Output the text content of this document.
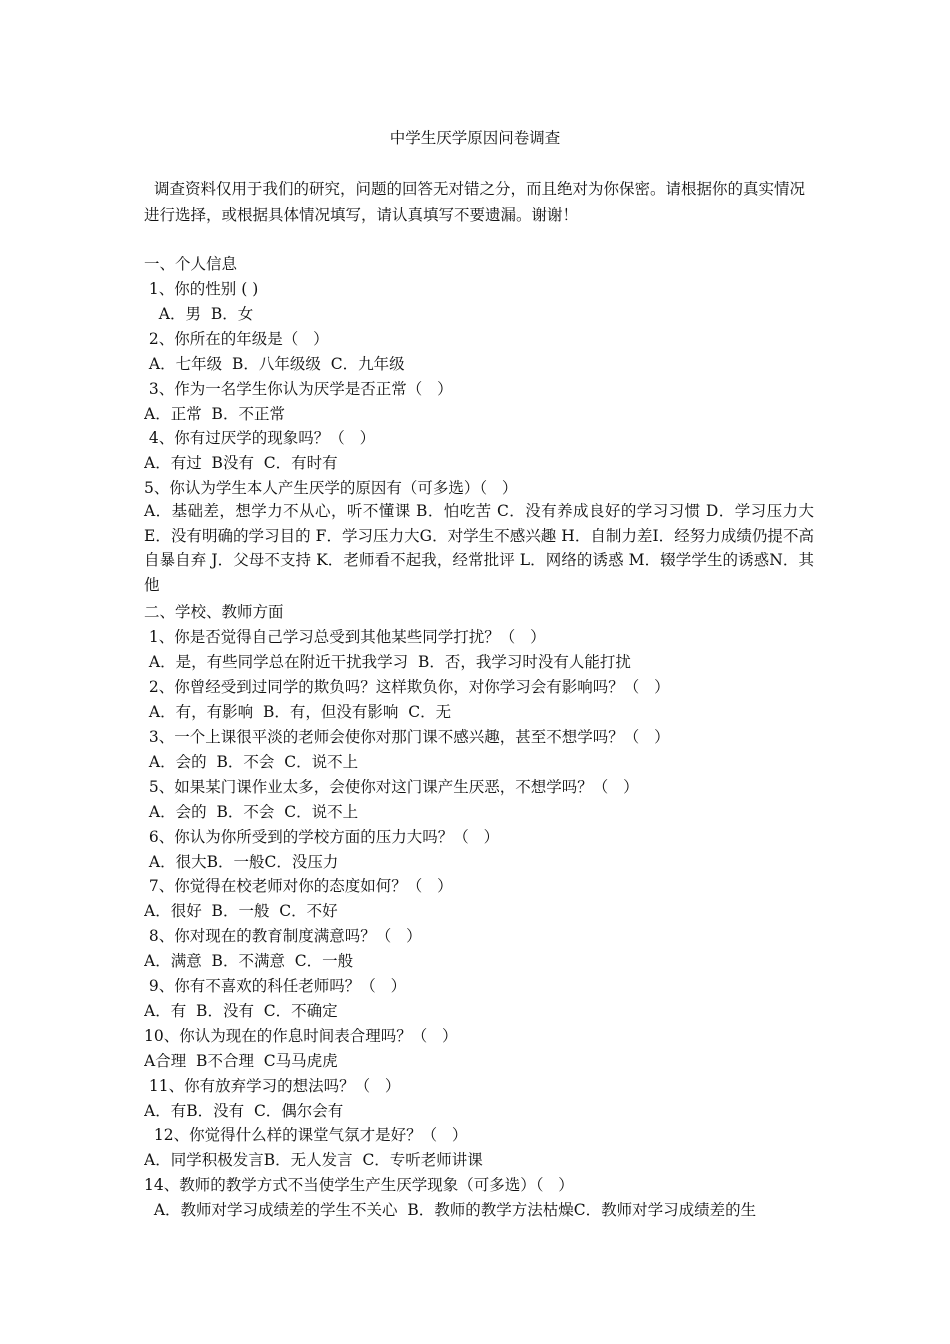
中学生厌学原因问卷调查

调查资料仅用于我们的研究，问题的回答无对错之分，而且绝对为你保密。请根据你的真实情况进行选择，或根据具体情况填写，请认真填写不要遗漏。谢谢！

一、个人信息
1、你的性别 ( )
A．男  B．女
2、你所在的年级是（   ）
A．七年级  B．八年级级  C．九年级
3、作为一名学生你认为厌学是否正常（   ）
A．正常  B．不正常
4、你有过厌学的现象吗？（   ）
A．有过  B没有  C．有时有
5、你认为学生本人产生厌学的原因有（可多选）（   ）

A．基础差，想学力不从心，听不懂课 B．怕吃苦 C．没有养成良好的学习习惯 D．学习压力大 E．没有明确的学习目的 F．学习压力大G．对学生不感兴趣 H．自制力差I．经努力成绩仍提不高自暴自弃 J．父母不支持 K．老师看不起我，经常批评 L．网络的诱惑 M．辍学学生的诱惑N．其他

二、学校、教师方面
1、你是否觉得自己学习总受到其他某些同学打扰？（   ）
A．是，有些同学总在附近干扰我学习  B．否，我学习时没有人能打扰
2、你曾经受到过同学的欺负吗？这样欺负你，对你学习会有影响吗？（   ）
A．有，有影响  B．有，但没有影响  C．无
3、一个上课很平淡的老师会使你对那门课不感兴趣，甚至不想学吗？（   ）
A．会的  B．不会  C．说不上
5、如果某门课作业太多，会使你对这门课产生厌恶，不想学吗？（   ）
A．会的  B．不会  C．说不上
6、你认为你所受到的学校方面的压力大吗？（   ）
A．很大B．一般C．没压力
7、你觉得在校老师对你的态度如何？（   ）
A．很好  B．一般  C．不好
8、你对现在的教育制度满意吗？（   ）
A．满意  B．不满意  C．一般
9、你有不喜欢的科任老师吗？（   ）
A．有  B．没有  C．不确定
10、你认为现在的作息时间表合理吗？（   ）
A合理  B不合理  C马马虎虎
11、你有放弃学习的想法吗？（   ）
A．有B．没有  C．偶尔会有
12、你觉得什么样的课堂气氛才是好？（   ）
A．同学积极发言B．无人发言  C．专听老师讲课
14、教师的教学方式不当使学生产生厌学现象（可多选）（   ）
A．教师对学习成绩差的学生不关心  B．教师的教学方法枯燥C．教师对学习成绩差的生
